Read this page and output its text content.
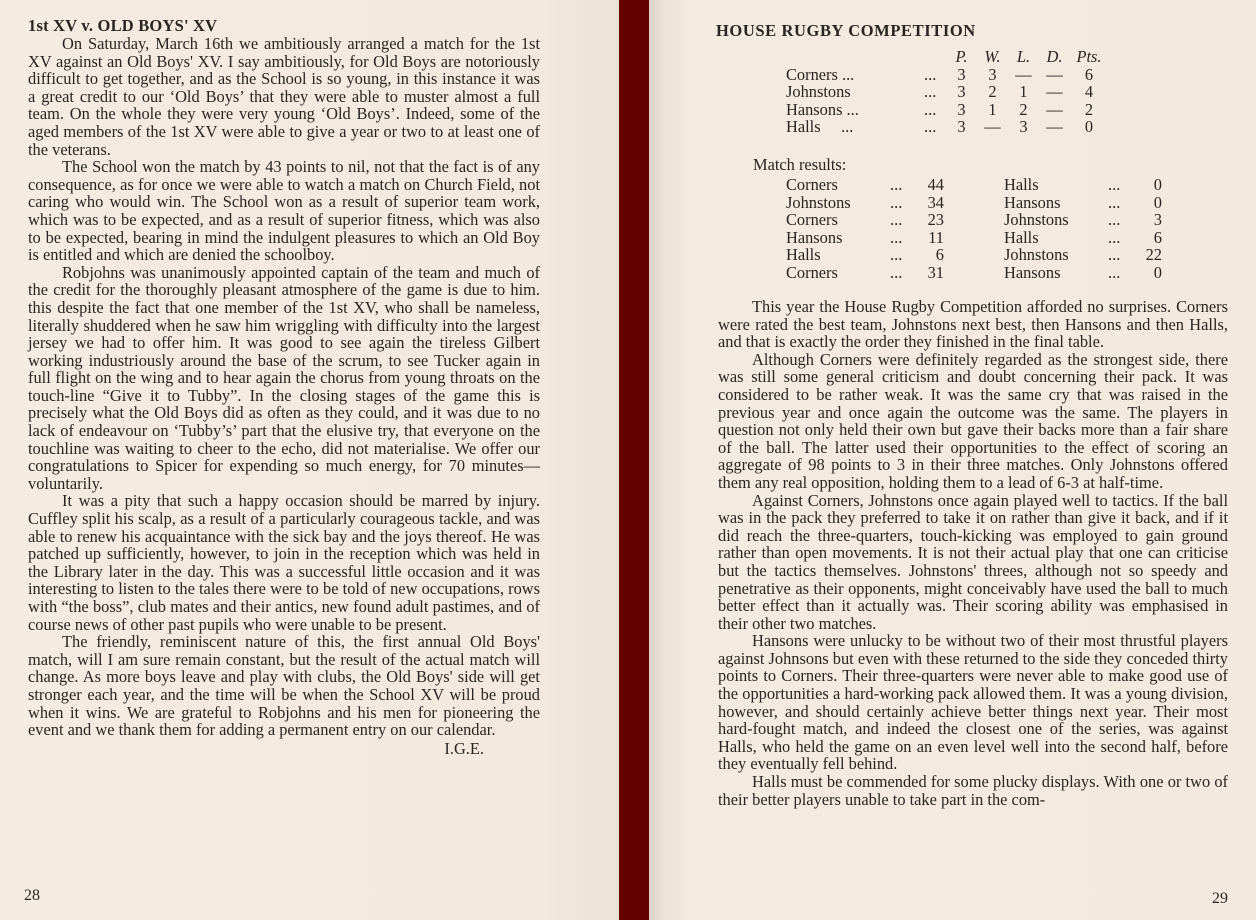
1st XV v. OLD BOYS' XV

On Saturday, March 16th we ambitiously arranged a match for the 1st XV against an Old Boys' XV. I say ambitiously, for Old Boys are notoriously difficult to get together, and as the School is so young, in this instance it was a great credit to our ‘Old Boys’ that they were able to muster almost a full team. On the whole they were very young ‘Old Boys’. Indeed, some of the aged members of the 1st XV were able to give a year or two to at least one of the veterans.

The School won the match by 43 points to nil, not that the fact is of any consequence, as for once we were able to watch a match on Church Field, not caring who would win. The School won as a result of superior team work, which was to be expected, and as a result of superior fitness, which was also to be expected, bearing in mind the indulgent pleasures to which an Old Boy is entitled and which are denied the schoolboy.

Robjohns was unanimously appointed captain of the team and much of the credit for the thoroughly pleasant atmosphere of the game is due to him. this despite the fact that one member of the 1st XV, who shall be nameless, literally shuddered when he saw him wriggling with difficulty into the largest jersey we had to offer him. It was good to see again the tireless Gilbert working industriously around the base of the scrum, to see Tucker again in full flight on the wing and to hear again the chorus from young throats on the touch-line “Give it to Tubby”. In the closing stages of the game this is precisely what the Old Boys did as often as they could, and it was due to no lack of endeavour on ‘Tubby’s’ part that the elusive try, that everyone on the touchline was waiting to cheer to the echo, did not materialise. We offer our congratulations to Spicer for expending so much energy, for 70 minutes—voluntarily.

It was a pity that such a happy occasion should be marred by injury. Cuffley split his scalp, as a result of a particularly courageous tackle, and was able to renew his acquaintance with the sick bay and the joys thereof. He was patched up sufficiently, however, to join in the reception which was held in the Library later in the day. This was a successful little occasion and it was interesting to listen to the tales there were to be told of new occupations, rows with “the boss”, club mates and their antics, new found adult pastimes, and of course news of other past pupils who were unable to be present.

The friendly, reminiscent nature of this, the first annual Old Boys' match, will I am sure remain constant, but the result of the actual match will change. As more boys leave and play with clubs, the Old Boys' side will get stronger each year, and the time will be when the School XV will be proud when it wins. We are grateful to Robjohns and his men for pioneering the event and we thank them for adding a permanent entry on our calendar.

I.G.E.
28
HOUSE RUGBY COMPETITION
		P.	W.	L.	D.	Pts.
Corners ...	...	3	3	—	—	6
Johnstons	...	3	2	1	—	4
Hansons ...	...	3	1	2	—	2
Halls     ...	...	3	—	3	—	0
Match results:
Corners	...	44	Halls	...	0
Johnstons	...	34	Hansons	...	0
Corners	...	23	Johnstons	...	3
Hansons	...	11	Halls	...	6
Halls	...	6	Johnstons	...	22
Corners	...	31	Hansons	...	0

This year the House Rugby Competition afforded no surprises. Corners were rated the best team, Johnstons next best, then Hansons and then Halls, and that is exactly the order they finished in the final table.

Although Corners were definitely regarded as the strongest side, there was still some general criticism and doubt concerning their pack. It was considered to be rather weak. It was the same cry that was raised in the previous year and once again the outcome was the same. The players in question not only held their own but gave their backs more than a fair share of the ball. The latter used their opportunities to the effect of scoring an aggregate of 98 points to 3 in their three matches. Only Johnstons offered them any real opposition, holding them to a lead of 6-3 at half-time.

Against Corners, Johnstons once again played well to tactics. If the ball was in the pack they preferred to take it on rather than give it back, and if it did reach the three-quarters, touch-kicking was employed to gain ground rather than open movements. It is not their actual play that one can criticise but the tactics themselves. Johnstons' threes, although not so speedy and penetrative as their opponents, might conceivably have used the ball to much better effect than it actually was. Their scoring ability was emphasised in their other two matches.

Hansons were unlucky to be without two of their most thrustful players against Johnsons but even with these returned to the side they conceded thirty points to Corners. Their three-quarters were never able to make good use of the opportunities a hard-working pack allowed them. It was a young division, however, and should certainly achieve better things next year. Their most hard-fought match, and indeed the closest one of the series, was against Halls, who held the game on an even level well into the second half, before they eventually fell behind.

Halls must be commended for some plucky displays. With one or two of their better players unable to take part in the com-

29
